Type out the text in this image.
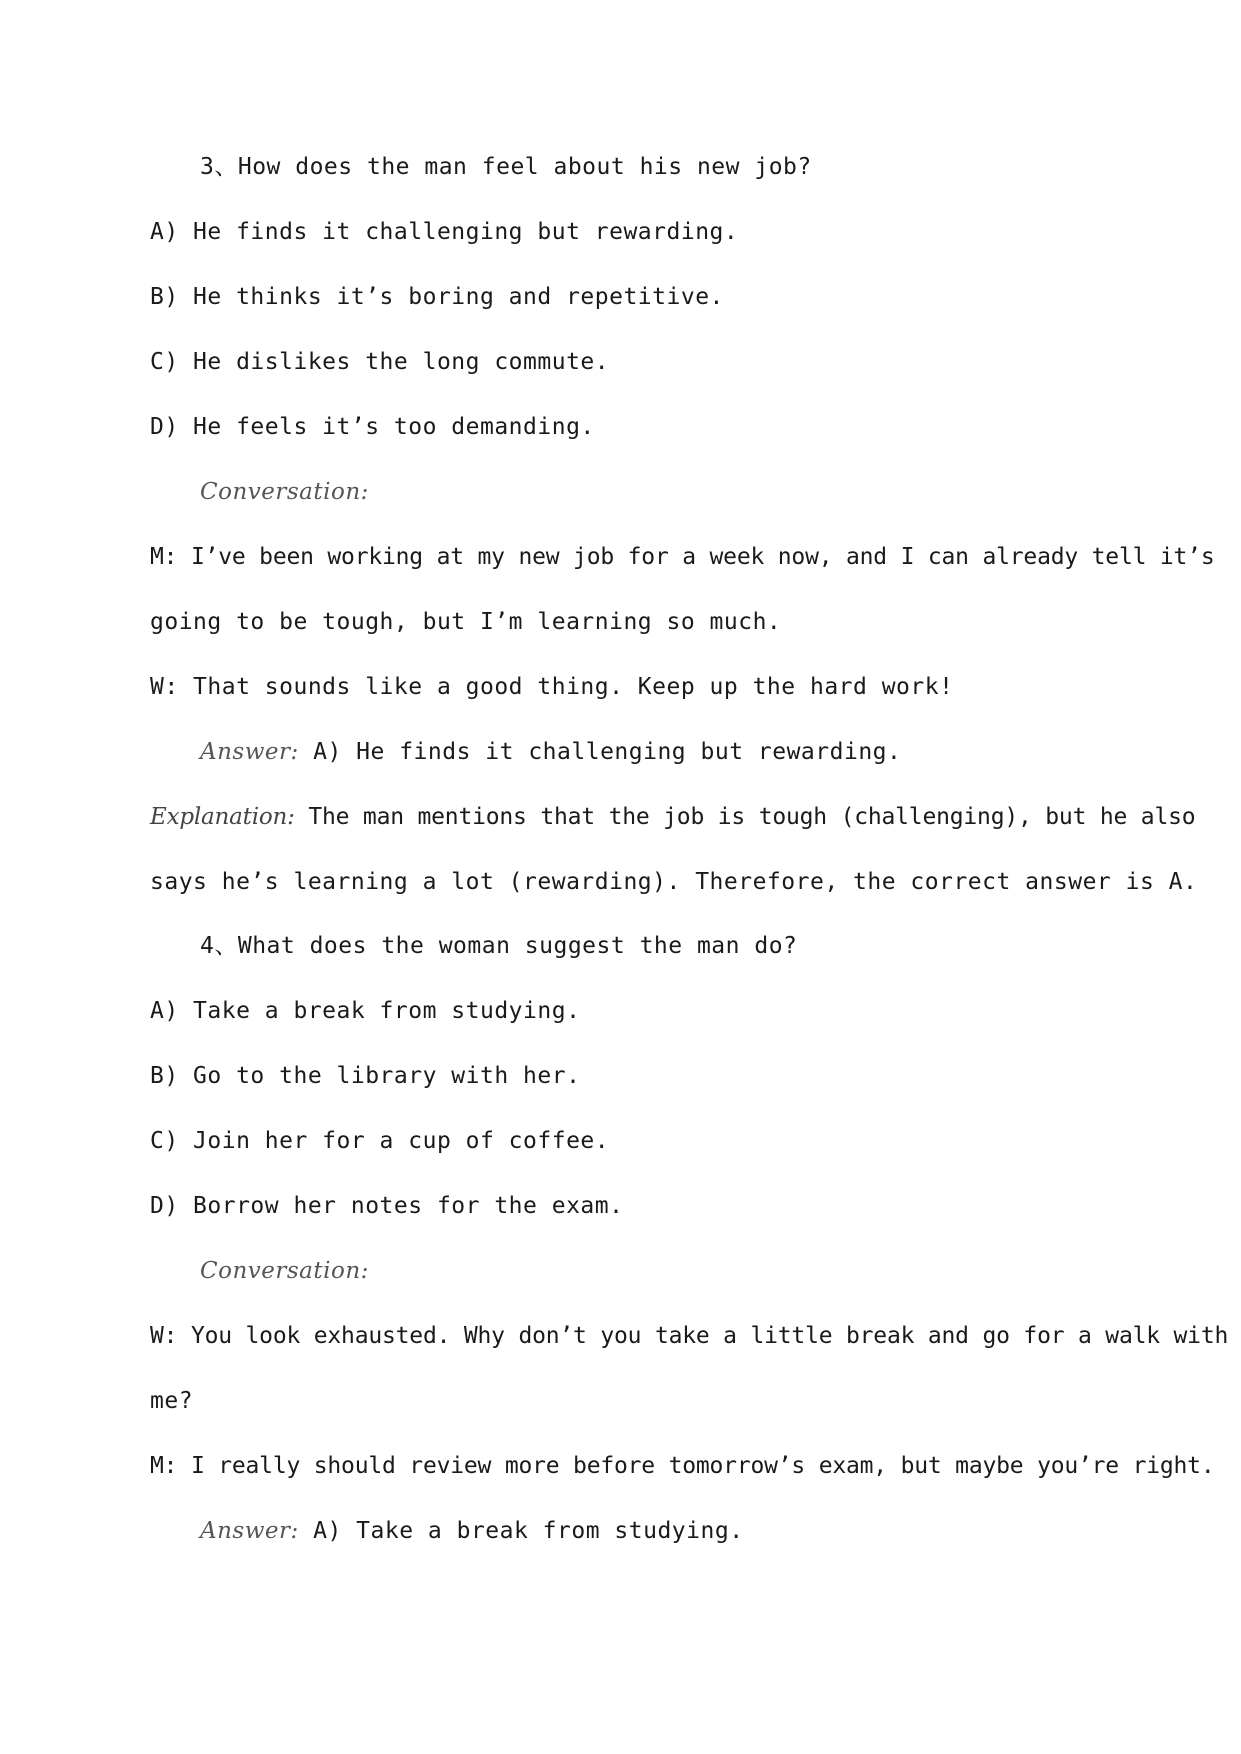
3、How does the man feel about his new job?
A) He finds it challenging but rewarding.
B) He thinks it’s boring and repetitive.
C) He dislikes the long commute.
D) He feels it’s too demanding.
Conversation:
M: I’ve been working at my new job for a week now, and I can already tell it’s
going to be tough, but I’m learning so much.
W: That sounds like a good thing. Keep up the hard work!
Answer: A) He finds it challenging but rewarding.
Explanation: The man mentions that the job is tough (challenging), but he also
says he’s learning a lot (rewarding). Therefore, the correct answer is A.
4、What does the woman suggest the man do?
A) Take a break from studying.
B) Go to the library with her.
C) Join her for a cup of coffee.
D) Borrow her notes for the exam.
Conversation:
W: You look exhausted. Why don’t you take a little break and go for a walk with
me?
M: I really should review more before tomorrow’s exam, but maybe you’re right.
Answer: A) Take a break from studying.
